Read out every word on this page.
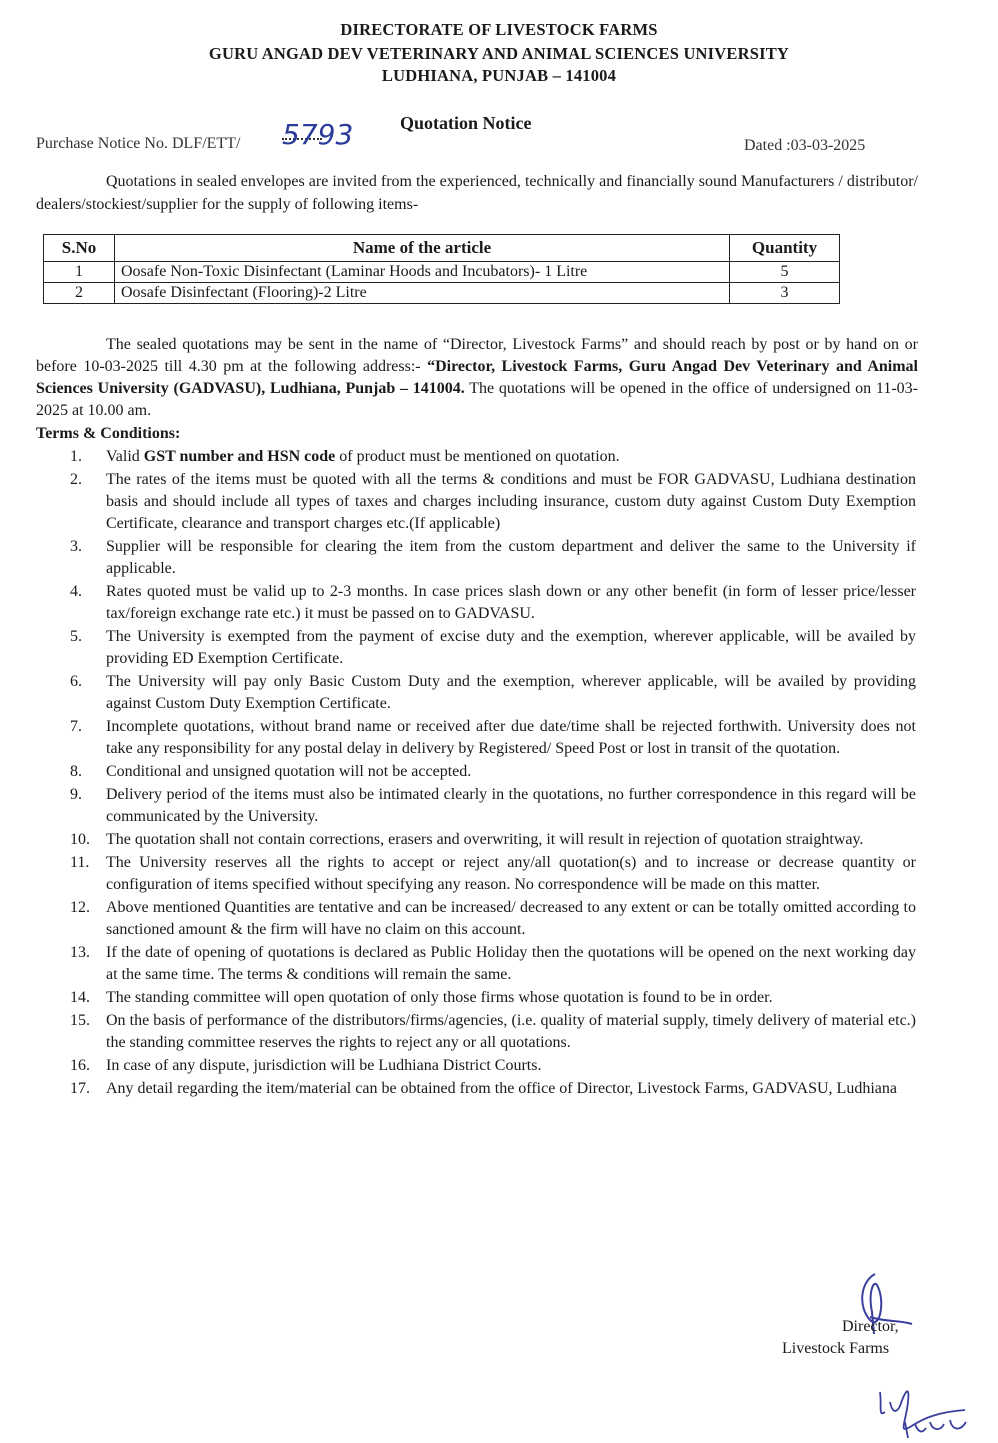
DIRECTORATE OF LIVESTOCK FARMS
GURU ANGAD DEV VETERINARY AND ANIMAL SCIENCES UNIVERSITY
LUDHIANA, PUNJAB – 141004
Quotation Notice
Purchase Notice No. DLF/ETT/ 5793	Dated :03-03-2025
Quotations in sealed envelopes are invited from the experienced, technically and financially sound Manufacturers / distributor/ dealers/stockiest/supplier for the supply of following items-
S.No	Name of the article	Quantity
1	Oosafe Non-Toxic Disinfectant (Laminar Hoods and Incubators)- 1 Litre	5
2	Oosafe Disinfectant (Flooring)-2 Litre	3
The sealed quotations may be sent in the name of “Director, Livestock Farms” and should reach by post or by hand on or before 10-03-2025 till 4.30 pm at the following address:- “Director, Livestock Farms, Guru Angad Dev Veterinary and Animal Sciences University (GADVASU), Ludhiana, Punjab – 141004. The quotations will be opened in the office of undersigned on 11-03-2025 at 10.00 am.
Terms & Conditions:
1.	Valid GST number and HSN code of product must be mentioned on quotation.
2.	The rates of the items must be quoted with all the terms & conditions and must be FOR GADVASU, Ludhiana destination basis and should include all types of taxes and charges including insurance, custom duty against Custom Duty Exemption Certificate, clearance and transport charges etc.(If applicable)
3.	Supplier will be responsible for clearing the item from the custom department and deliver the same to the University if applicable.
4.	Rates quoted must be valid up to 2-3 months. In case prices slash down or any other benefit (in form of lesser price/lesser tax/foreign exchange rate etc.) it must be passed on to GADVASU.
5.	The University is exempted from the payment of excise duty and the exemption, wherever applicable, will be availed by providing ED Exemption Certificate.
6.	The University will pay only Basic Custom Duty and the exemption, wherever applicable, will be availed by providing against Custom Duty Exemption Certificate.
7.	Incomplete quotations, without brand name or received after due date/time shall be rejected forthwith. University does not take any responsibility for any postal delay in delivery by Registered/ Speed Post or lost in transit of the quotation.
8.	Conditional and unsigned quotation will not be accepted.
9.	Delivery period of the items must also be intimated clearly in the quotations, no further correspondence in this regard will be communicated by the University.
10.	The quotation shall not contain corrections, erasers and overwriting, it will result in rejection of quotation straightway.
11.	The University reserves all the rights to accept or reject any/all quotation(s) and to increase or decrease quantity or configuration of items specified without specifying any reason. No correspondence will be made on this matter.
12.	Above mentioned Quantities are tentative and can be increased/ decreased to any extent or can be totally omitted according to sanctioned amount & the firm will have no claim on this account.
13.	If the date of opening of quotations is declared as Public Holiday then the quotations will be opened on the next working day at the same time. The terms & conditions will remain the same.
14.	The standing committee will open quotation of only those firms whose quotation is found to be in order.
15.	On the basis of performance of the distributors/firms/agencies, (i.e. quality of material supply, timely delivery of material etc.) the standing committee reserves the rights to reject any or all quotations.
16.	In case of any dispute, jurisdiction will be Ludhiana District Courts.
17.	Any detail regarding the item/material can be obtained from the office of Director, Livestock Farms, GADVASU, Ludhiana
Director,
Livestock Farms
